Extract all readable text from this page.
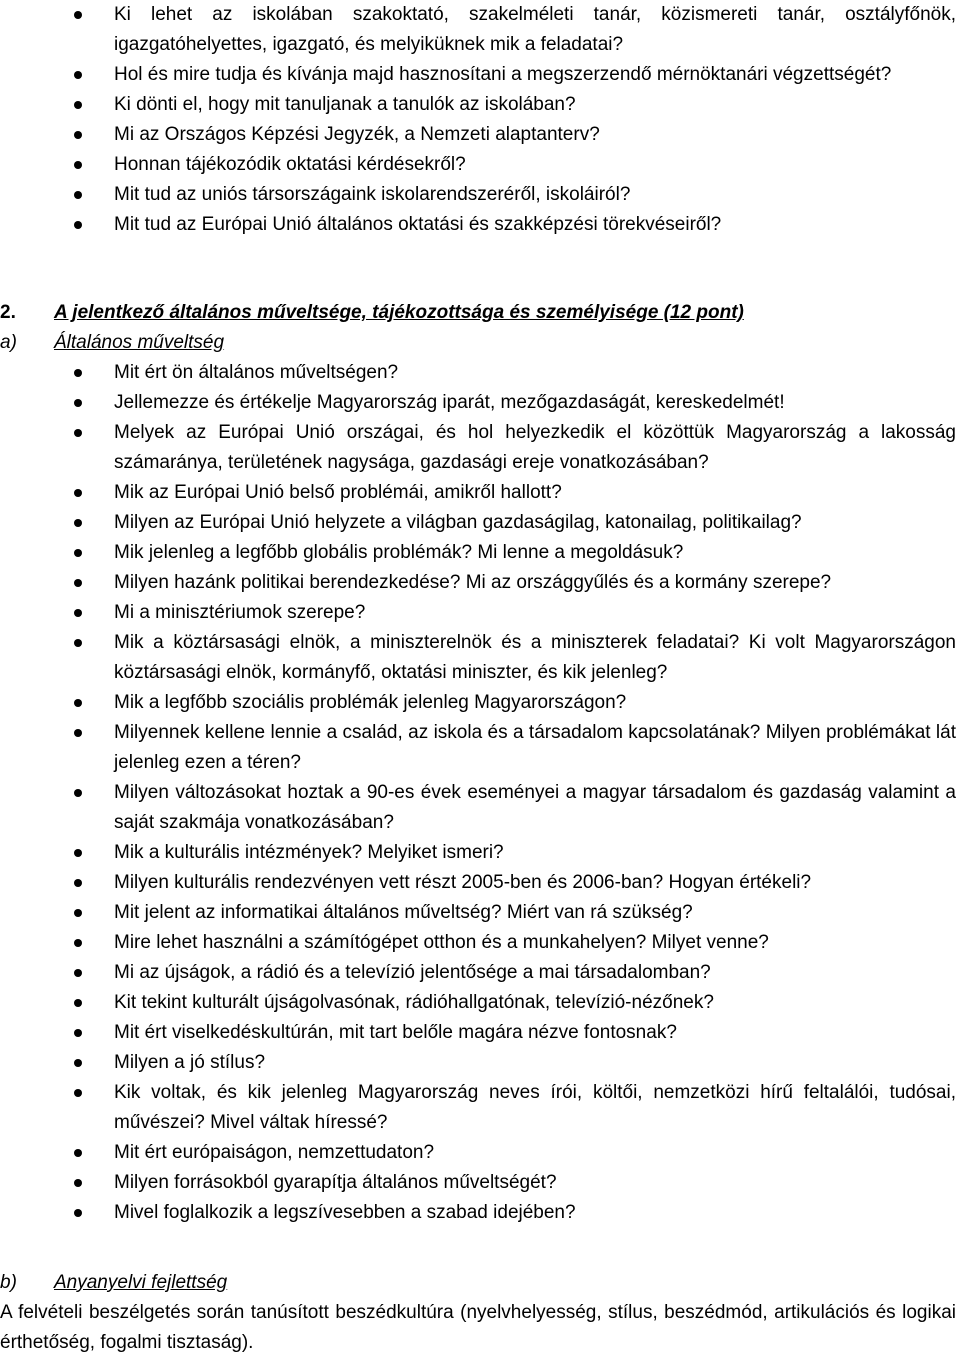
Ki lehet az iskolában szakoktató, szakelméleti tanár, közismereti tanár, osztályfőnök, igazgatóhelyettes, igazgató, és melyiküknek mik a feladatai?
Hol és mire tudja és kívánja majd hasznosítani a megszerzendő mérnöktanári végzettségét?
Ki dönti el, hogy mit tanuljanak a tanulók az iskolában?
Mi az Országos Képzési Jegyzék, a Nemzeti alaptanterv?
Honnan tájékozódik oktatási kérdésekről?
Mit tud az uniós társországaink iskolarendszeréről, iskoláiról?
Mit tud az Európai Unió általános oktatási és szakképzési törekvéseiről?
2. A jelentkező általános műveltsége, tájékozottsága és személyisége (12 pont)
a) Általános műveltség
Mit ért ön általános műveltségen?
Jellemezze és értékelje Magyarország iparát, mezőgazdaságát, kereskedelmét!
Melyek az Európai Unió országai, és hol helyezkedik el közöttük Magyarország a lakosság számaránya, területének nagysága, gazdasági ereje vonatkozásában?
Mik az Európai Unió belső problémái, amikről hallott?
Milyen az Európai Unió helyzete a világban gazdaságilag, katonailag, politikailag?
Mik jelenleg a legfőbb globális problémák? Mi lenne a megoldásuk?
Milyen hazánk politikai berendezkedése? Mi az országgyűlés és a kormány szerepe?
Mi a minisztériumok szerepe?
Mik a köztársasági elnök, a miniszterelnök és a miniszterek feladatai? Ki volt Magyarországon köztársasági elnök, kormányfő, oktatási miniszter, és kik jelenleg?
Mik a legfőbb szociális problémák jelenleg Magyarországon?
Milyennek kellene lennie a család, az iskola és a társadalom kapcsolatának? Milyen problémákat lát jelenleg ezen a téren?
Milyen változásokat hoztak a 90-es évek eseményei a magyar társadalom és gazdaság valamint a saját szakmája vonatkozásában?
Mik a kulturális intézmények? Melyiket ismeri?
Milyen kulturális rendezvényen vett részt 2005-ben és 2006-ban? Hogyan értékeli?
Mit jelent az informatikai általános műveltség? Miért van rá szükség?
Mire lehet használni a számítógépet otthon és a munkahelyen? Milyet venne?
Mi az újságok, a rádió és a televízió jelentősége a mai társadalomban?
Kit tekint kulturált újságolvasónak, rádióhallgatónak, televízió-nézőnek?
Mit ért viselkedéskultúrán, mit tart belőle magára nézve fontosnak?
Milyen a jó stílus?
Kik voltak, és kik jelenleg Magyarország neves írói, költői, nemzetközi hírű feltalálói, tudósai, művészei? Mivel váltak híressé?
Mit ért európaiságon, nemzettudaton?
Milyen forrásokból gyarapítja általános műveltségét?
Mivel foglalkozik a legszívesebben a szabad idejében?
b) Anyanyelvi fejlettség

A felvételi beszélgetés során tanúsított beszédkultúra (nyelvhelyesség, stílus, beszédmód, artikulációs és logikai érthetőség, fogalmi tisztaság).
